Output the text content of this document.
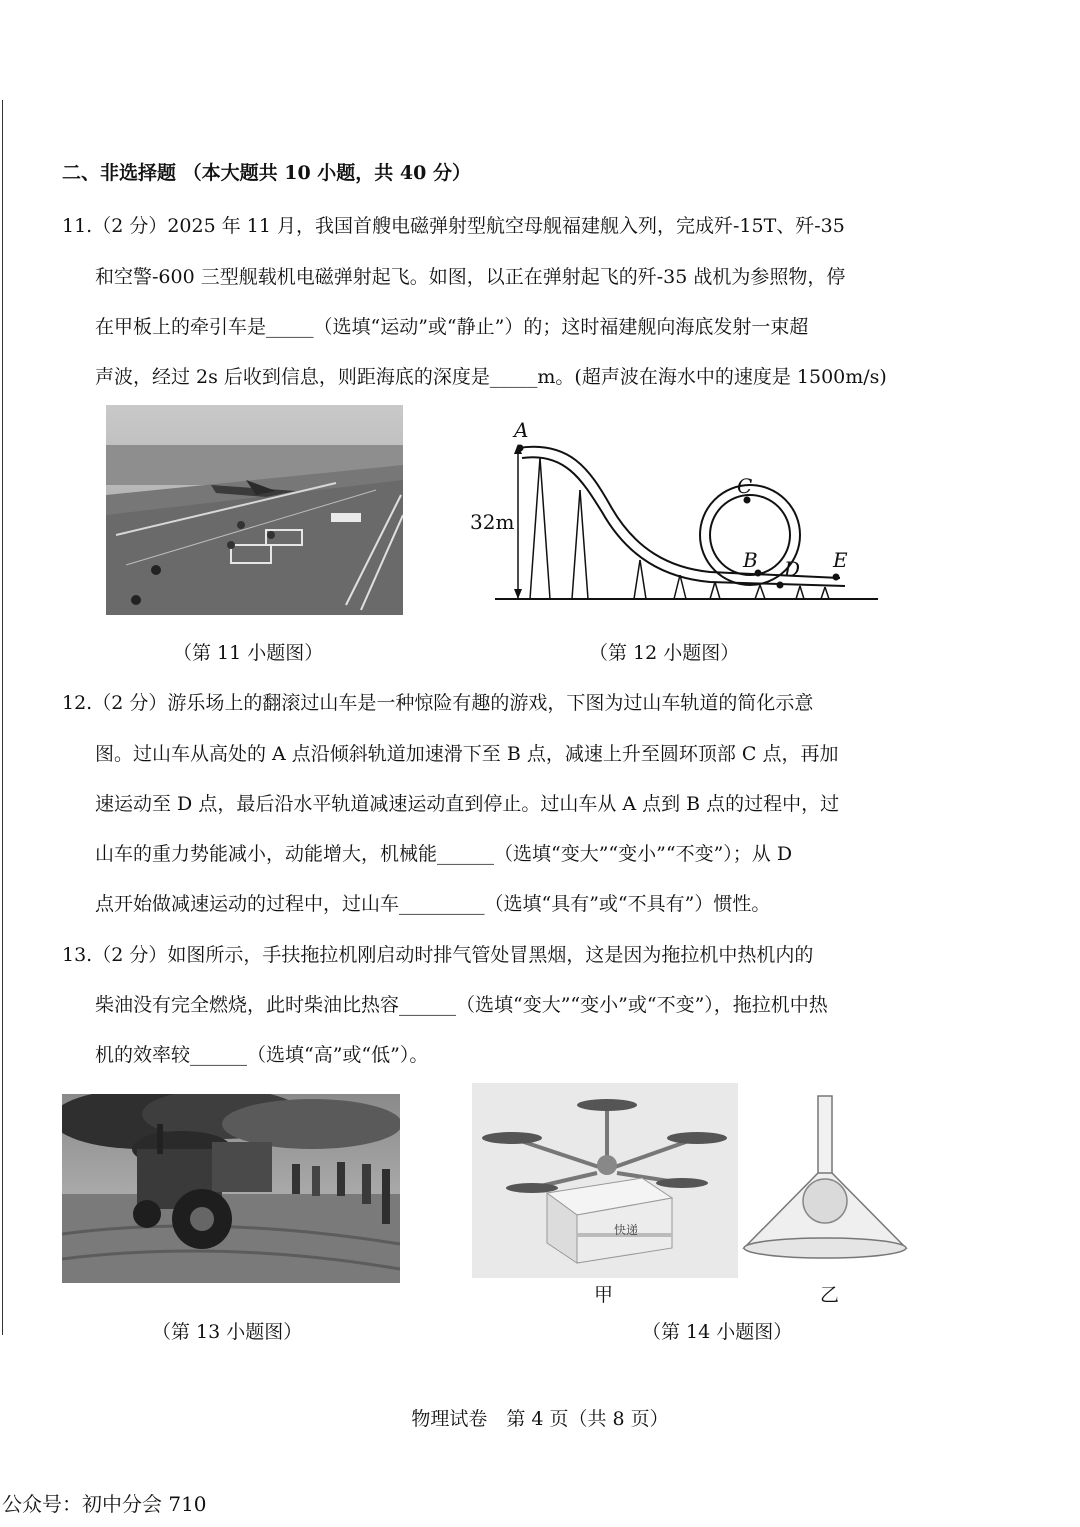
二、非选择题 （本大题共 10 小题，共 40 分）
11.（2 分）2025 年 11 月，我国首艘电磁弹射型航空母舰福建舰入列，完成歼-15T、歼-35
和空警-600 三型舰载机电磁弹射起飞。如图，以正在弹射起飞的歼-35 战机为参照物，停
在甲板上的牵引车是_____（选填“运动”或“静止”）的；这时福建舰向海底发射一束超
声波，经过 2s 后收到信息，则距海底的深度是_____m。(超声波在海水中的速度是 1500m/s)
A
C
B D E
32m
（第 11 小题图）	（第 12 小题图）
12.（2 分）游乐场上的翻滚过山车是一种惊险有趣的游戏，下图为过山车轨道的简化示意
图。过山车从高处的 A 点沿倾斜轨道加速滑下至 B 点，减速上升至圆环顶部 C 点，再加
速运动至 D 点，最后沿水平轨道减速运动直到停止。过山车从 A 点到 B 点的过程中，过
山车的重力势能减小，动能增大，机械能______（选填“变大”“变小”“不变”）；从 D
点开始做减速运动的过程中，过山车_________（选填“具有”或“不具有”）惯性。
13.（2 分）如图所示，手扶拖拉机刚启动时排气管处冒黑烟，这是因为拖拉机中热机内的
柴油没有完全燃烧，此时柴油比热容______（选填“变大”“变小”或“不变”），拖拉机中热
机的效率较______（选填“高”或“低”）。
快递
甲	乙
（第 13 小题图）	（第 14 小题图）
物理试卷　第 4 页（共 8 页）
公众号：初中分会 710
